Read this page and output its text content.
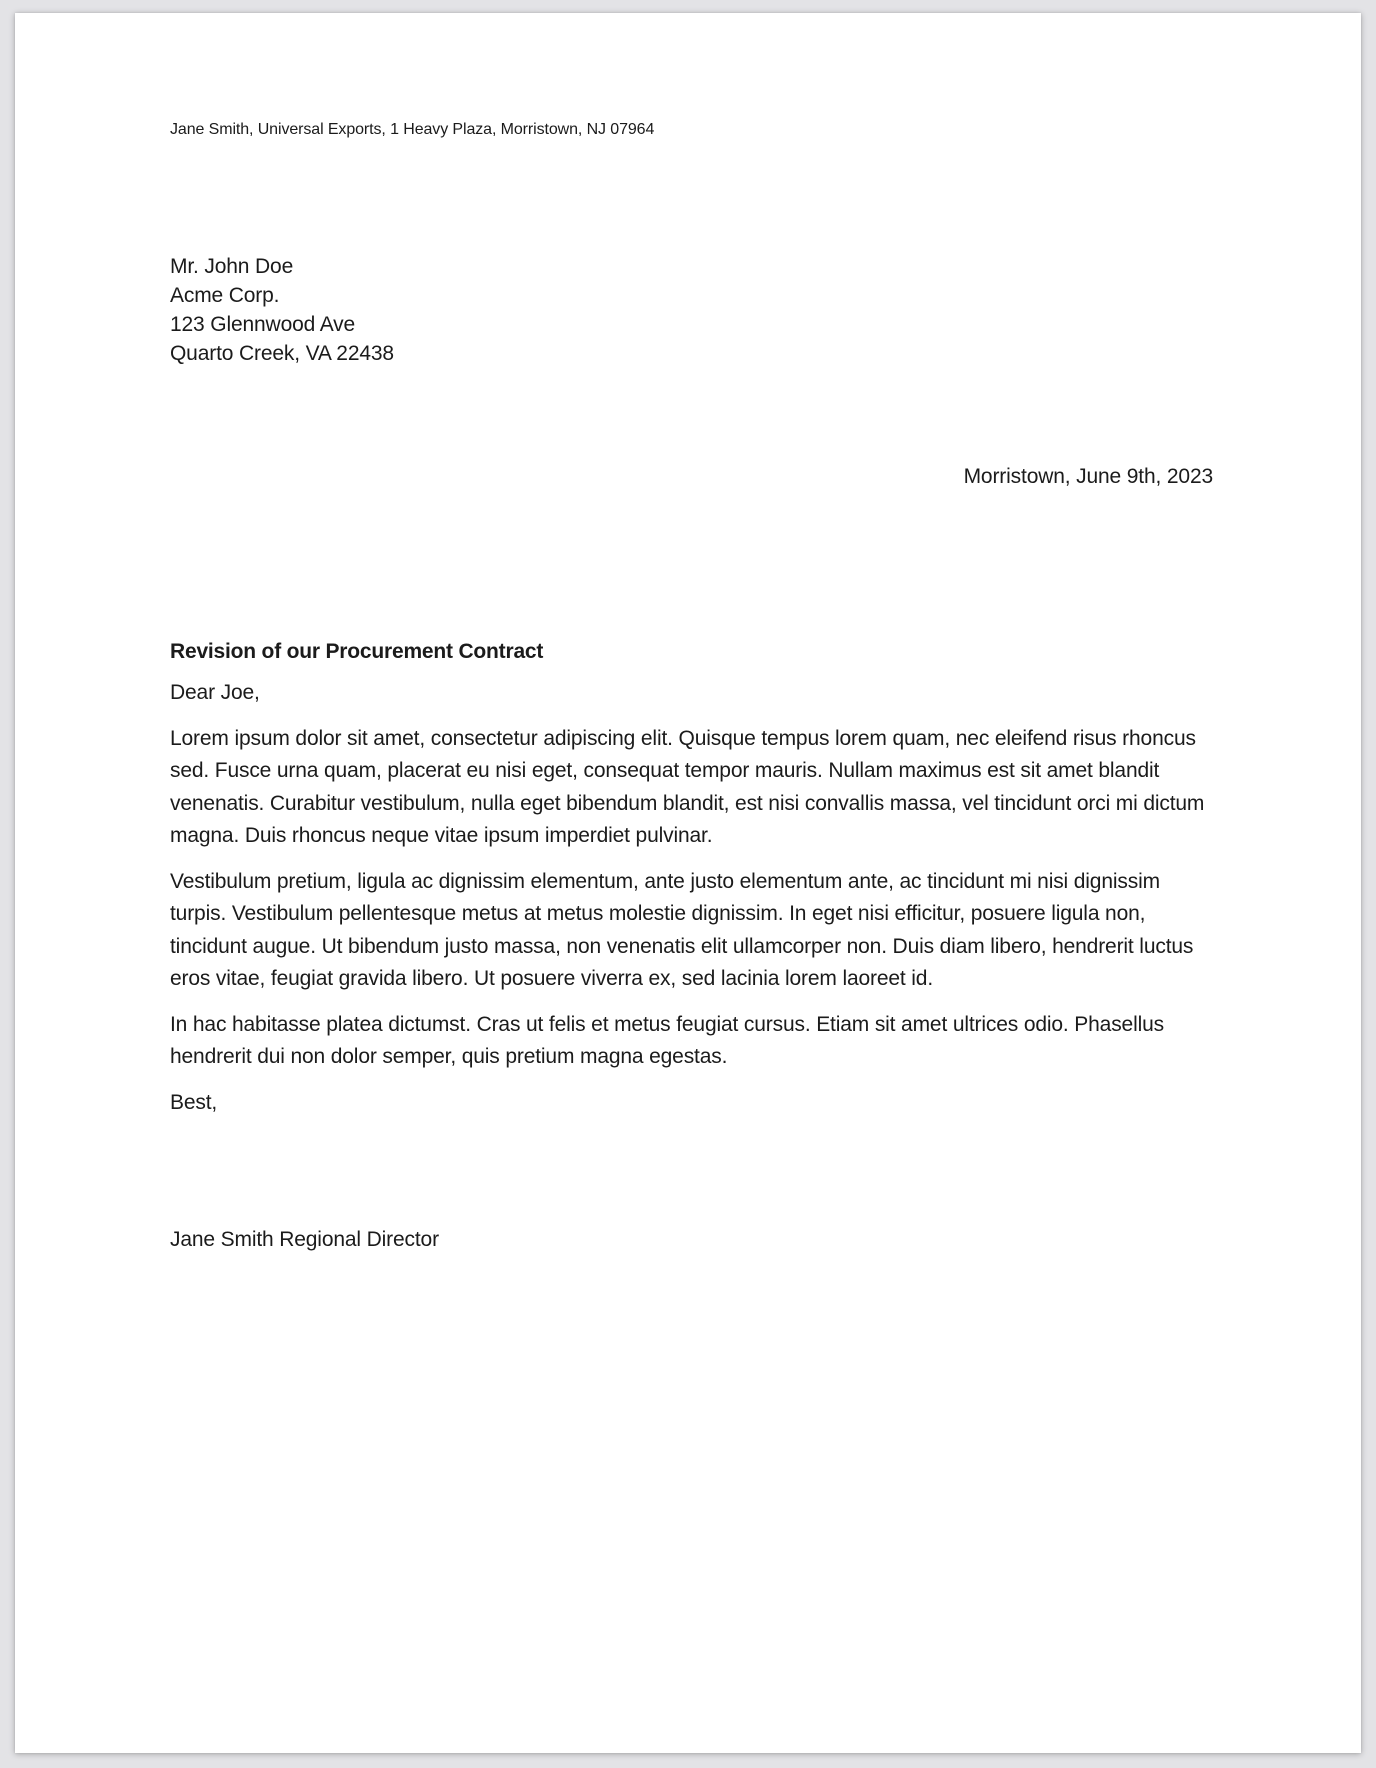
Jane Smith, Universal Exports, 1 Heavy Plaza, Morristown, NJ 07964
Mr. John Doe
Acme Corp.
123 Glennwood Ave
Quarto Creek, VA 22438
Morristown, June 9th, 2023
Revision of our Procurement Contract

Dear Joe,

Lorem ipsum dolor sit amet, consectetur adipiscing elit. Quisque tempus lorem quam, nec eleifend risus rhoncus sed. Fusce urna quam, placerat eu nisi eget, consequat tempor mauris. Nullam maximus est sit amet blandit venenatis. Curabitur vestibulum, nulla eget bibendum blandit, est nisi convallis massa, vel tincidunt orci mi dictum magna. Duis rhoncus neque vitae ipsum imperdiet pulvinar.

Vestibulum pretium, ligula ac dignissim elementum, ante justo elementum ante, ac tincidunt mi nisi dignissim turpis. Vestibulum pellentesque metus at metus molestie dignissim. In eget nisi efficitur, posuere ligula non, tincidunt augue. Ut bibendum justo massa, non venenatis elit ullamcorper non. Duis diam libero, hendrerit luctus eros vitae, feugiat gravida libero. Ut posuere viverra ex, sed lacinia lorem laoreet id.

In hac habitasse platea dictumst. Cras ut felis et metus feugiat cursus. Etiam sit amet ultrices odio. Phasellus hendrerit dui non dolor semper, quis pretium magna egestas.

Best,

Jane Smith Regional Director
